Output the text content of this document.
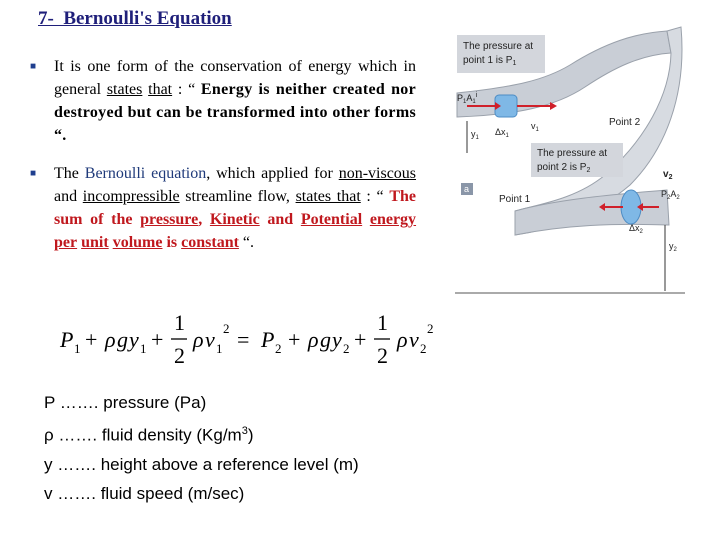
7-  Bernoulli's Equation
■	It is one form of the conservation of energy which in general states that : “ Energy is neither created nor destroyed but can be transformed into other forms “.
■	The Bernoulli equation, which applied for non-viscous and incompressible streamline flow, states that : “ The sum of the pressure, Kinetic and Potential energy per unit volume is constant “.
P 1 + ρ g y 1 +
1
2
ρ v 1
2 = P 2 + ρ g y 2 +
1
2
ρ v 2
2
P ……. pressure (Pa)
ρ ……. fluid density $(Kg/m^3)$
y ……. height above a reference level (m)
v ……. fluid speed (m/sec)
The pressure at
point 1 is $P_1$
The pressure at
point 2 is $P_2$
$P_1A_1^i$
$v_1$
$y_1$
$\Delta x_1$
Point 2
Point 1
a
$v_2$
$P_2A_2$
$\Delta x_2$
$y_2$
